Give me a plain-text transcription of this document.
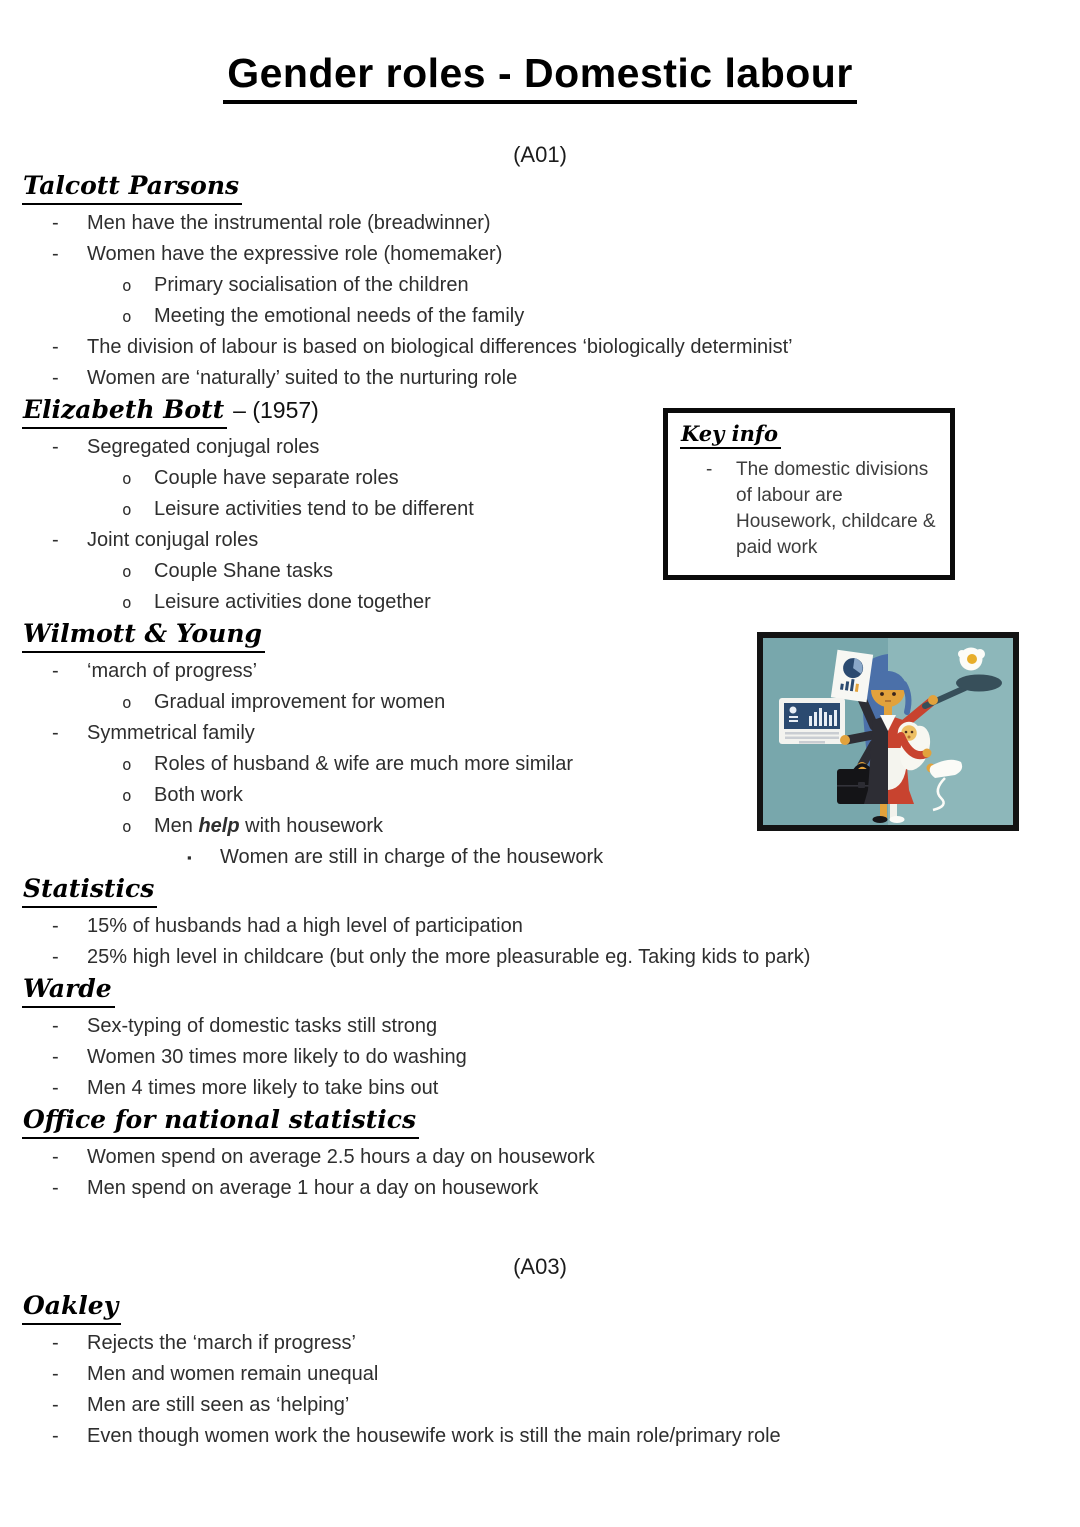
Gender roles - Domestic labour
(A01)
Talcott Parsons
- Men have the instrumental role (breadwinner)
- Women have the expressive role (homemaker)
o Primary socialisation of the children
o Meeting the emotional needs of the family
- The division of labour is based on biological differences ‘biologically determinist’
- Women are ‘naturally’ suited to the nurturing role
Elizabeth Bott – (1957)
- Segregated conjugal roles
o Couple have separate roles
o Leisure activities tend to be different
- Joint conjugal roles
o Couple Shane tasks
o Leisure activities done together
Wilmott & Young
- ‘march of progress’
o Gradual improvement for women
- Symmetrical family
o Roles of husband & wife are much more similar
o Both work
o Men help with housework
▪	Women are still in charge of the housework
Statistics
- 15% of husbands had a high level of participation
- 25% high level in childcare (but only the more pleasurable eg. Taking kids to park)
Warde
- Sex-typing of domestic tasks still strong
- Women 30 times more likely to do washing
- Men 4 times more likely to take bins out
Office for national statistics
- Women spend on average 2.5 hours a day on housework
- Men spend on average 1 hour a day on housework
(A03)
Oakley
- Rejects the ‘march if progress’
- Men and women remain unequal
- Men are still seen as ‘helping’
- Even though women work the housewife work is still the main role/primary role
Key info
- The domestic divisions of labour are Housework, childcare & paid work
